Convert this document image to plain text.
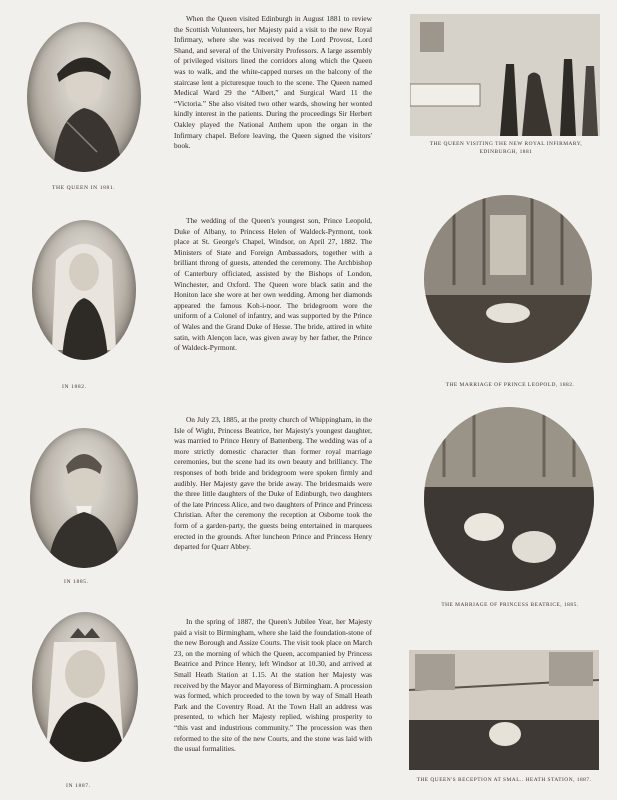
THE QUEEN IN 1881.
IN 1882.
IN 1885.
IN 1887.

When the Queen visited Edinburgh in August 1881 to review the Scottish Volunteers, her Majesty paid a visit to the new Royal Infirmary, where she was received by the Lord Provost, Lord Shand, and several of the University Professors. A large assembly of privileged visitors lined the corridors along which the Queen was to walk, and the white-capped nurses on the balcony of the staircase lent a picturesque touch to the scene. The Queen named Medical Ward 29 the “Albert,” and Surgical Ward 11 the “Victoria.” She also visited two other wards, showing her wonted kindly interest in the patients. During the proceedings Sir Herbert Oakley played the National Anthem upon the organ in the Infirmary chapel. Before leaving, the Queen signed the visitors' book.

The wedding of the Queen's youngest son, Prince Leopold, Duke of Albany, to Princess Helen of Waldeck-Pyrmont, took place at St. George's Chapel, Windsor, on April 27, 1882. The Ministers of State and Foreign Ambassadors, together with a brilliant throng of guests, attended the ceremony. The Archbishop of Canterbury officiated, assisted by the Bishops of London, Winchester, and Oxford. The Queen wore black satin and the Honiton lace she wore at her own wedding. Among her diamonds appeared the famous Koh-i-noor. The bridegroom wore the uniform of a Colonel of infantry, and was supported by the Prince of Wales and the Grand Duke of Hesse. The bride, attired in white satin, with Alençon lace, was given away by her father, the Prince of Waldeck-Pyrmont.

On July 23, 1885, at the pretty church of Whippingham, in the Isle of Wight, Princess Beatrice, her Majesty's youngest daughter, was married to Prince Henry of Battenberg. The wedding was of a more strictly domestic character than former royal marriage ceremonies, but the scene had its own beauty and brilliancy. The responses of both bride and bridegroom were spoken firmly and audibly. Her Majesty gave the bride away. The bridesmaids were the three little daughters of the Duke of Edinburgh, two daughters of the late Princess Alice, and two daughters of Prince and Princess Christian. After the ceremony the reception at Osborne took the form of a garden-party, the guests being entertained in marquees erected in the grounds. After luncheon Prince and Princess Henry departed for Quarr Abbey.

In the spring of 1887, the Queen's Jubilee Year, her Majesty paid a visit to Birmingham, where she laid the foundation-stone of the new Borough and Assize Courts. The visit took place on March 23, on the morning of which the Queen, accompanied by Princess Beatrice and Prince Henry, left Windsor at 10.30, and arrived at Small Heath Station at 1.15. At the station her Majesty was received by the Mayor and Mayoress of Birmingham. A procession was formed, which proceeded to the town by way of Small Heath Park and the Coventry Road. At the Town Hall an address was presented, to which her Majesty replied, wishing prosperity to “this vast and industrious community.” The procession was then reformed to the site of the new Courts, and the stone was laid with the usual formalities.

THE QUEEN VISITING THE NEW ROYAL INFIRMARY, EDINBURGH, 1881
THE MARRIAGE OF PRINCE LEOPOLD, 1882.
THE MARRIAGE OF PRINCESS BEATRICE, 1885.
THE QUEEN'S RECEPTION AT SMAL.. HEATH STATION, 1887.
